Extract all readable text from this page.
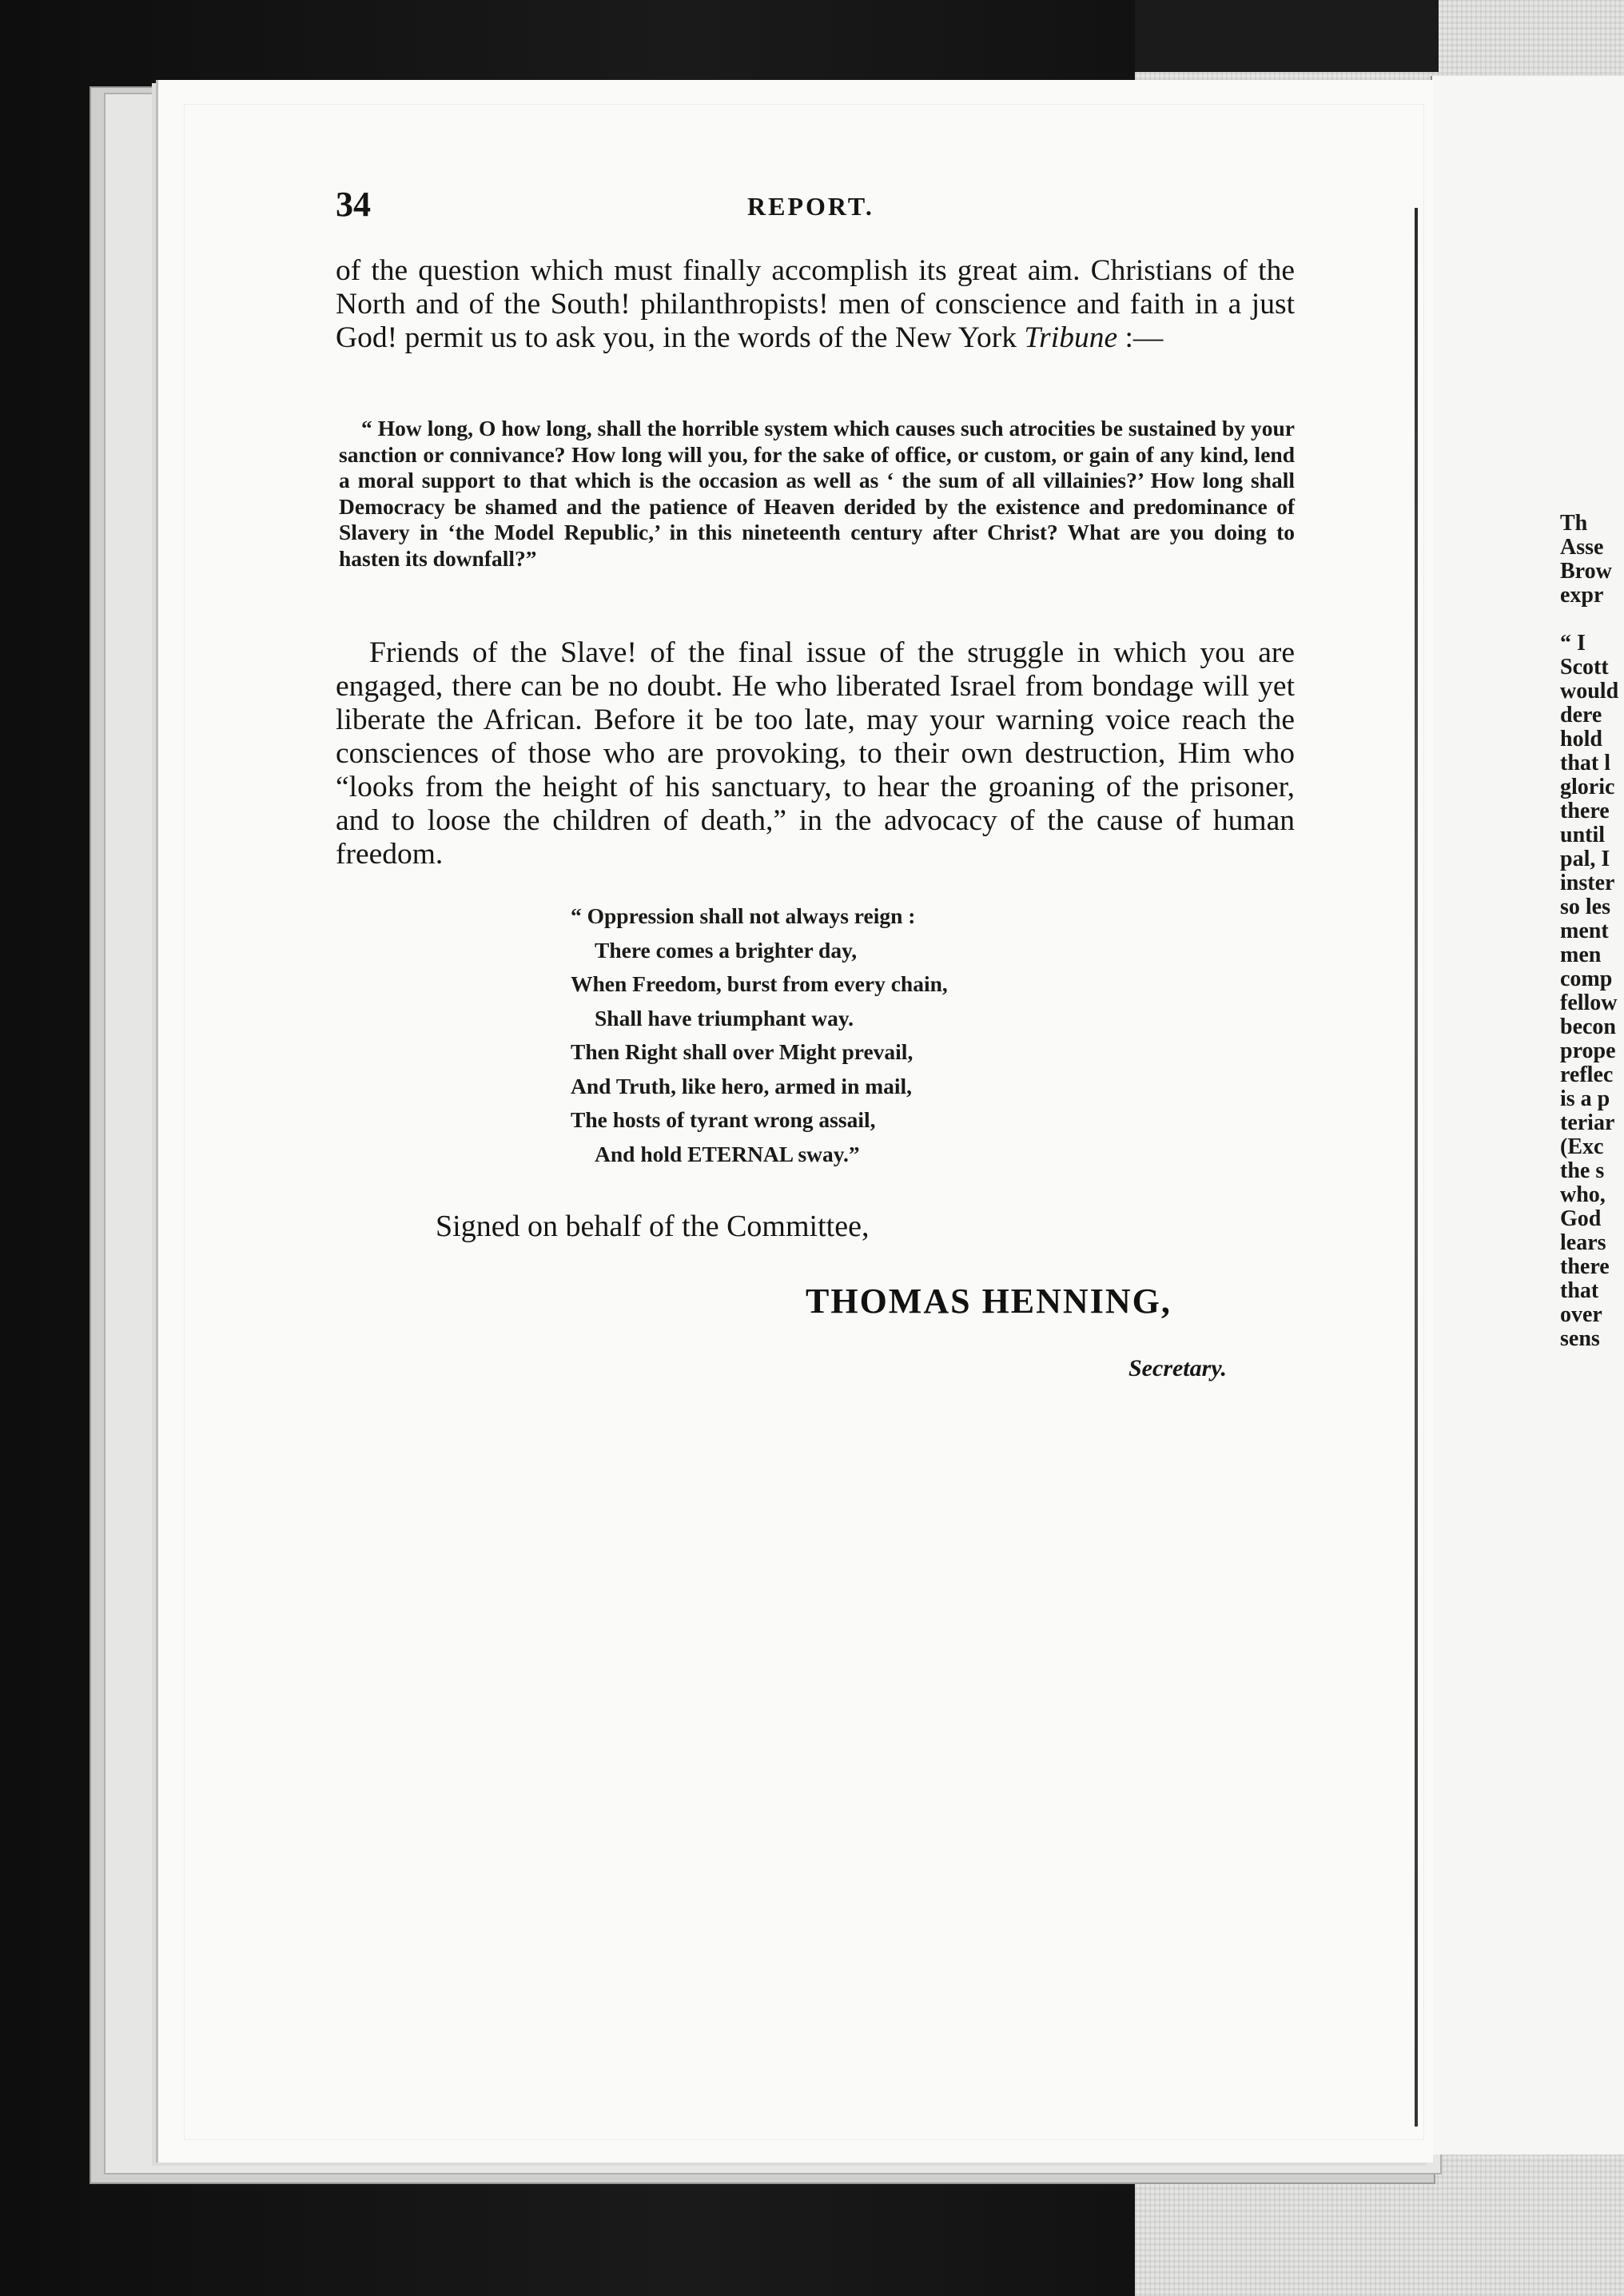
Th
Asse
Brow
expr

“ I
Scott
would
dere
hold
that l
gloric
there
until
pal, I
inster
so les
ment
men
comp
fellow
becon
prope
reflec
is a p
teriar
(Exc
the s
who,
God
lears
there
that
over
sens
34	REPORT.

of the question which must finally accomplish its great aim. Christians of the North and of the South! philanthropists! men of conscience and faith in a just God! permit us to ask you, in the words of the New York Tribune :—

“ How long, O how long, shall the horrible system which causes such atrocities be sustained by your sanction or connivance? How long will you, for the sake of office, or custom, or gain of any kind, lend a moral support to that which is the occasion as well as ‘ the sum of all villainies?’ How long shall Democracy be shamed and the patience of Heaven derided by the existence and predominance of Slavery in ‘the Model Republic,’ in this nineteenth century after Christ? What are you doing to hasten its downfall?”

Friends of the Slave! of the final issue of the struggle in which you are engaged, there can be no doubt. He who liberated Israel from bondage will yet liberate the African. Before it be too late, may your warning voice reach the consciences of those who are provoking, to their own destruction, Him who “looks from the height of his sanctuary, to hear the groaning of the prisoner, and to loose the children of death,” in the advocacy of the cause of human freedom.

“ Oppression shall not always reign :
There comes a brighter day,
When Freedom, burst from every chain,
Shall have triumphant way.
Then Right shall over Might prevail,
And Truth, like hero, armed in mail,
The hosts of tyrant wrong assail,
And hold ETERNAL sway.”
Signed on behalf of the Committee,
THOMAS HENNING,
Secretary.
